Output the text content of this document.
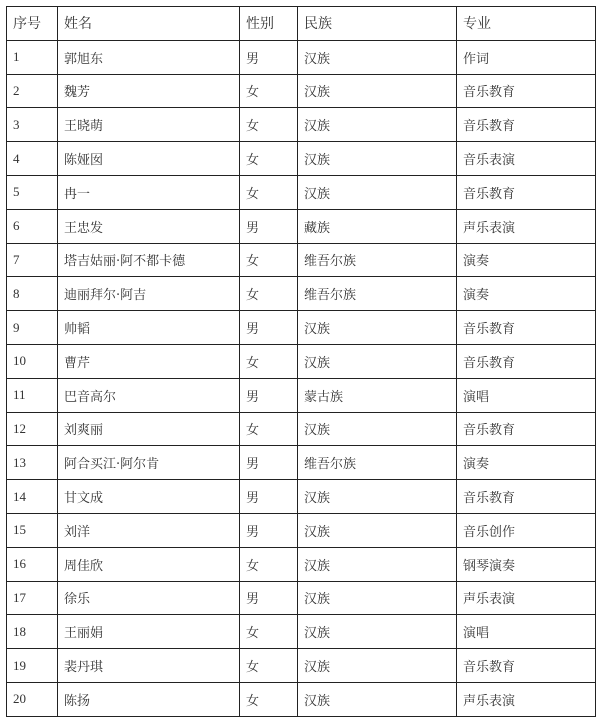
序号	姓名	性别	民族	专业
1	郭旭东	男	汉族	作词
2	魏芳	女	汉族	音乐教育
3	王晓萌	女	汉族	音乐教育
4	陈娅囡	女	汉族	音乐表演
5	冉一	女	汉族	音乐教育
6	王忠发	男	藏族	声乐表演
7	塔吉姑丽·阿不都卡德	女	维吾尔族	演奏
8	迪丽拜尔·阿吉	女	维吾尔族	演奏
9	帅韬	男	汉族	音乐教育
10	曹芹	女	汉族	音乐教育
11	巴音高尔	男	蒙古族	演唱
12	刘爽丽	女	汉族	音乐教育
13	阿合买江·阿尔肯	男	维吾尔族	演奏
14	甘文成	男	汉族	音乐教育
15	刘洋	男	汉族	音乐创作
16	周佳欣	女	汉族	钢琴演奏
17	徐乐	男	汉族	声乐表演
18	王丽娟	女	汉族	演唱
19	裴丹琪	女	汉族	音乐教育
20	陈扬	女	汉族	声乐表演
